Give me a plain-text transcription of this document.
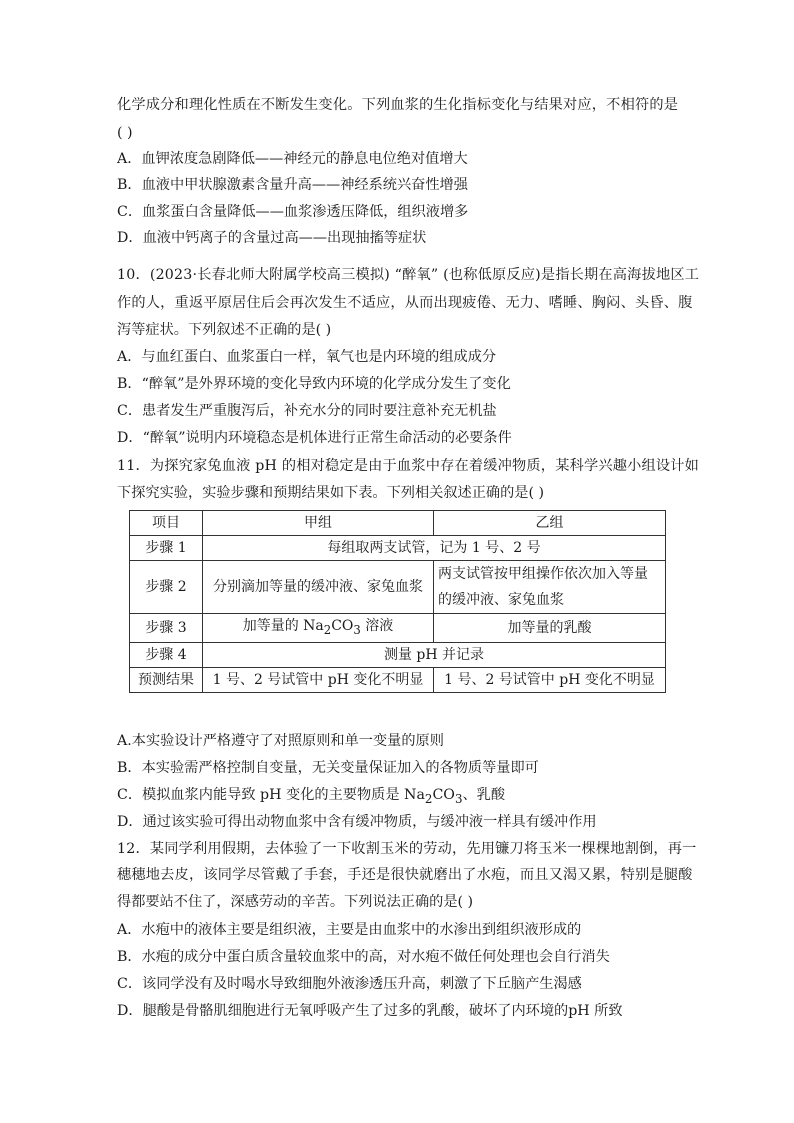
化学成分和理化性质在不断发生变化。下列血浆的生化指标变化与结果对应，不相符的是
( )
A．血钾浓度急剧降低——神经元的静息电位绝对值增大
B．血液中甲状腺激素含量升高——神经系统兴奋性增强
C．血浆蛋白含量降低——血浆渗透压降低，组织液增多
D．血液中钙离子的含量过高——出现抽搐等症状
10．(2023·长春北师大附属学校高三模拟) “醉氧” (也称低原反应)是指长期在高海拔地区工
作的人，重返平原居住后会再次发生不适应，从而出现疲倦、无力、嗜睡、胸闷、头昏、腹
泻等症状。下列叙述不正确的是( )
A．与血红蛋白、血浆蛋白一样，氧气也是内环境的组成成分
B．“醉氧”是外界环境的变化导致内环境的化学成分发生了变化
C．患者发生严重腹泻后，补充水分的同时要注意补充无机盐
D．“醉氧”说明内环境稳态是机体进行正常生命活动的必要条件
11．为探究家兔血液 pH 的相对稳定是由于血浆中存在着缓冲物质，某科学兴趣小组设计如
下探究实验，实验步骤和预期结果如下表。下列相关叙述正确的是( )
项目	甲组	乙组
步骤 1	每组取两支试管，记为 1 号、2 号	
步骤 2	分别滴加等量的缓冲液、家兔血浆	两支试管按甲组操作依次加入等量
的缓冲液、家兔血浆

步骤 3	加等量的 $Na_2CO_3$ 溶液	加等量的乳酸
步骤 4	测量 pH 并记录	
预测结果	1 号、2 号试管中 pH 变化不明显	1 号、2 号试管中 pH 变化不明显
A.本实验设计严格遵守了对照原则和单一变量的原则
B．本实验需严格控制自变量，无关变量保证加入的各物质等量即可
C．模拟血浆内能导致 pH 变化的主要物质是 $Na_2CO_3$、乳酸
D．通过该实验可得出动物血浆中含有缓冲物质，与缓冲液一样具有缓冲作用
12．某同学利用假期，去体验了一下收割玉米的劳动，先用镰刀将玉米一棵棵地割倒，再一
穗穗地去皮，该同学尽管戴了手套，手还是很快就磨出了水疱，而且又渴又累，特别是腿酸
得都要站不住了，深感劳动的辛苦。下列说法正确的是( )
A．水疱中的液体主要是组织液，主要是由血浆中的水渗出到组织液形成的
B．水疱的成分中蛋白质含量较血浆中的高，对水疱不做任何处理也会自行消失
C．该同学没有及时喝水导致细胞外液渗透压升高，刺激了下丘脑产生渴感
D．腿酸是骨骼肌细胞进行无氧呼吸产生了过多的乳酸，破坏了内环境的pH 所致
